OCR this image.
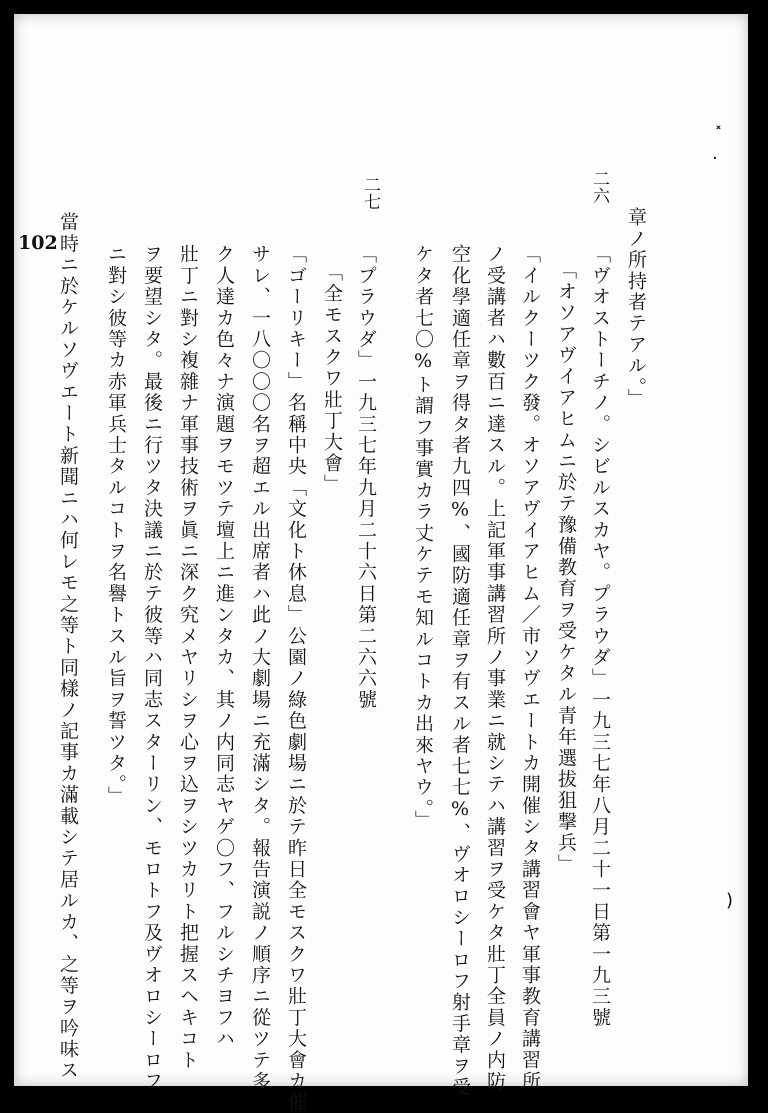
˟
·
)
102
二六
二七
章ノ所持者テアル。」
「ヴオストーチノ。シビルスカヤ。プラウダ」一九三七年八月二十一日第一九三號
「オソアヴイアヒムニ於テ豫備教育ヲ受ケタル青年選拔狙撃兵」
「イルクーツク發。オソアヴイアヒム／市ソヴエートカ開催シタ講習會ヤ軍事教育講習所
ノ受講者ハ數百ニ達スル。上記軍事講習所ノ事業ニ就シテハ講習ヲ受ケタ壯丁全員ノ内防
空化學適任章ヲ得タ者九四%、國防適任章ヲ有スル者七七%、ヴオロシーロフ射手章ヲ受
ケタ者七〇%ト謂フ事實カラ丈ケテモ知ルコトカ出來ヤウ。」
「プラウダ」一九三七年九月二十六日第二六六號
「全モスクワ壯丁大會」
「ゴーリキー」名稱中央「文化ト休息」公園ノ綠色劇場ニ於テ昨日全モスクワ壯丁大會カ催
サレ、一八〇〇〇名ヲ超エル出席者ハ此ノ大劇場ニ充滿シタ。報告演説ノ順序ニ從ツテ多
ク人達カ色々ナ演題ヲモツテ壇上ニ進ンタカ、其ノ内同志ヤゲ〇フ、フルシチヨフハ
壯丁ニ對シ複雜ナ軍事技術ヲ眞ニ深ク究メヤリシヲ心ヲ込ヲシツカリト把握スヘキコト
ヲ要望シタ。最後ニ行ツタ決議ニ於テ彼等ハ同志スターリン、モロトフ及ヴオロシーロフ
ニ對シ彼等カ赤軍兵士タルコトヲ名譽トスル旨ヲ誓ツタ。」
當時ニ於ケルソヴエート新聞ニハ何レモ之等ト同樣ノ記事カ滿載シテ居ルカ、之等ヲ吟味ス
